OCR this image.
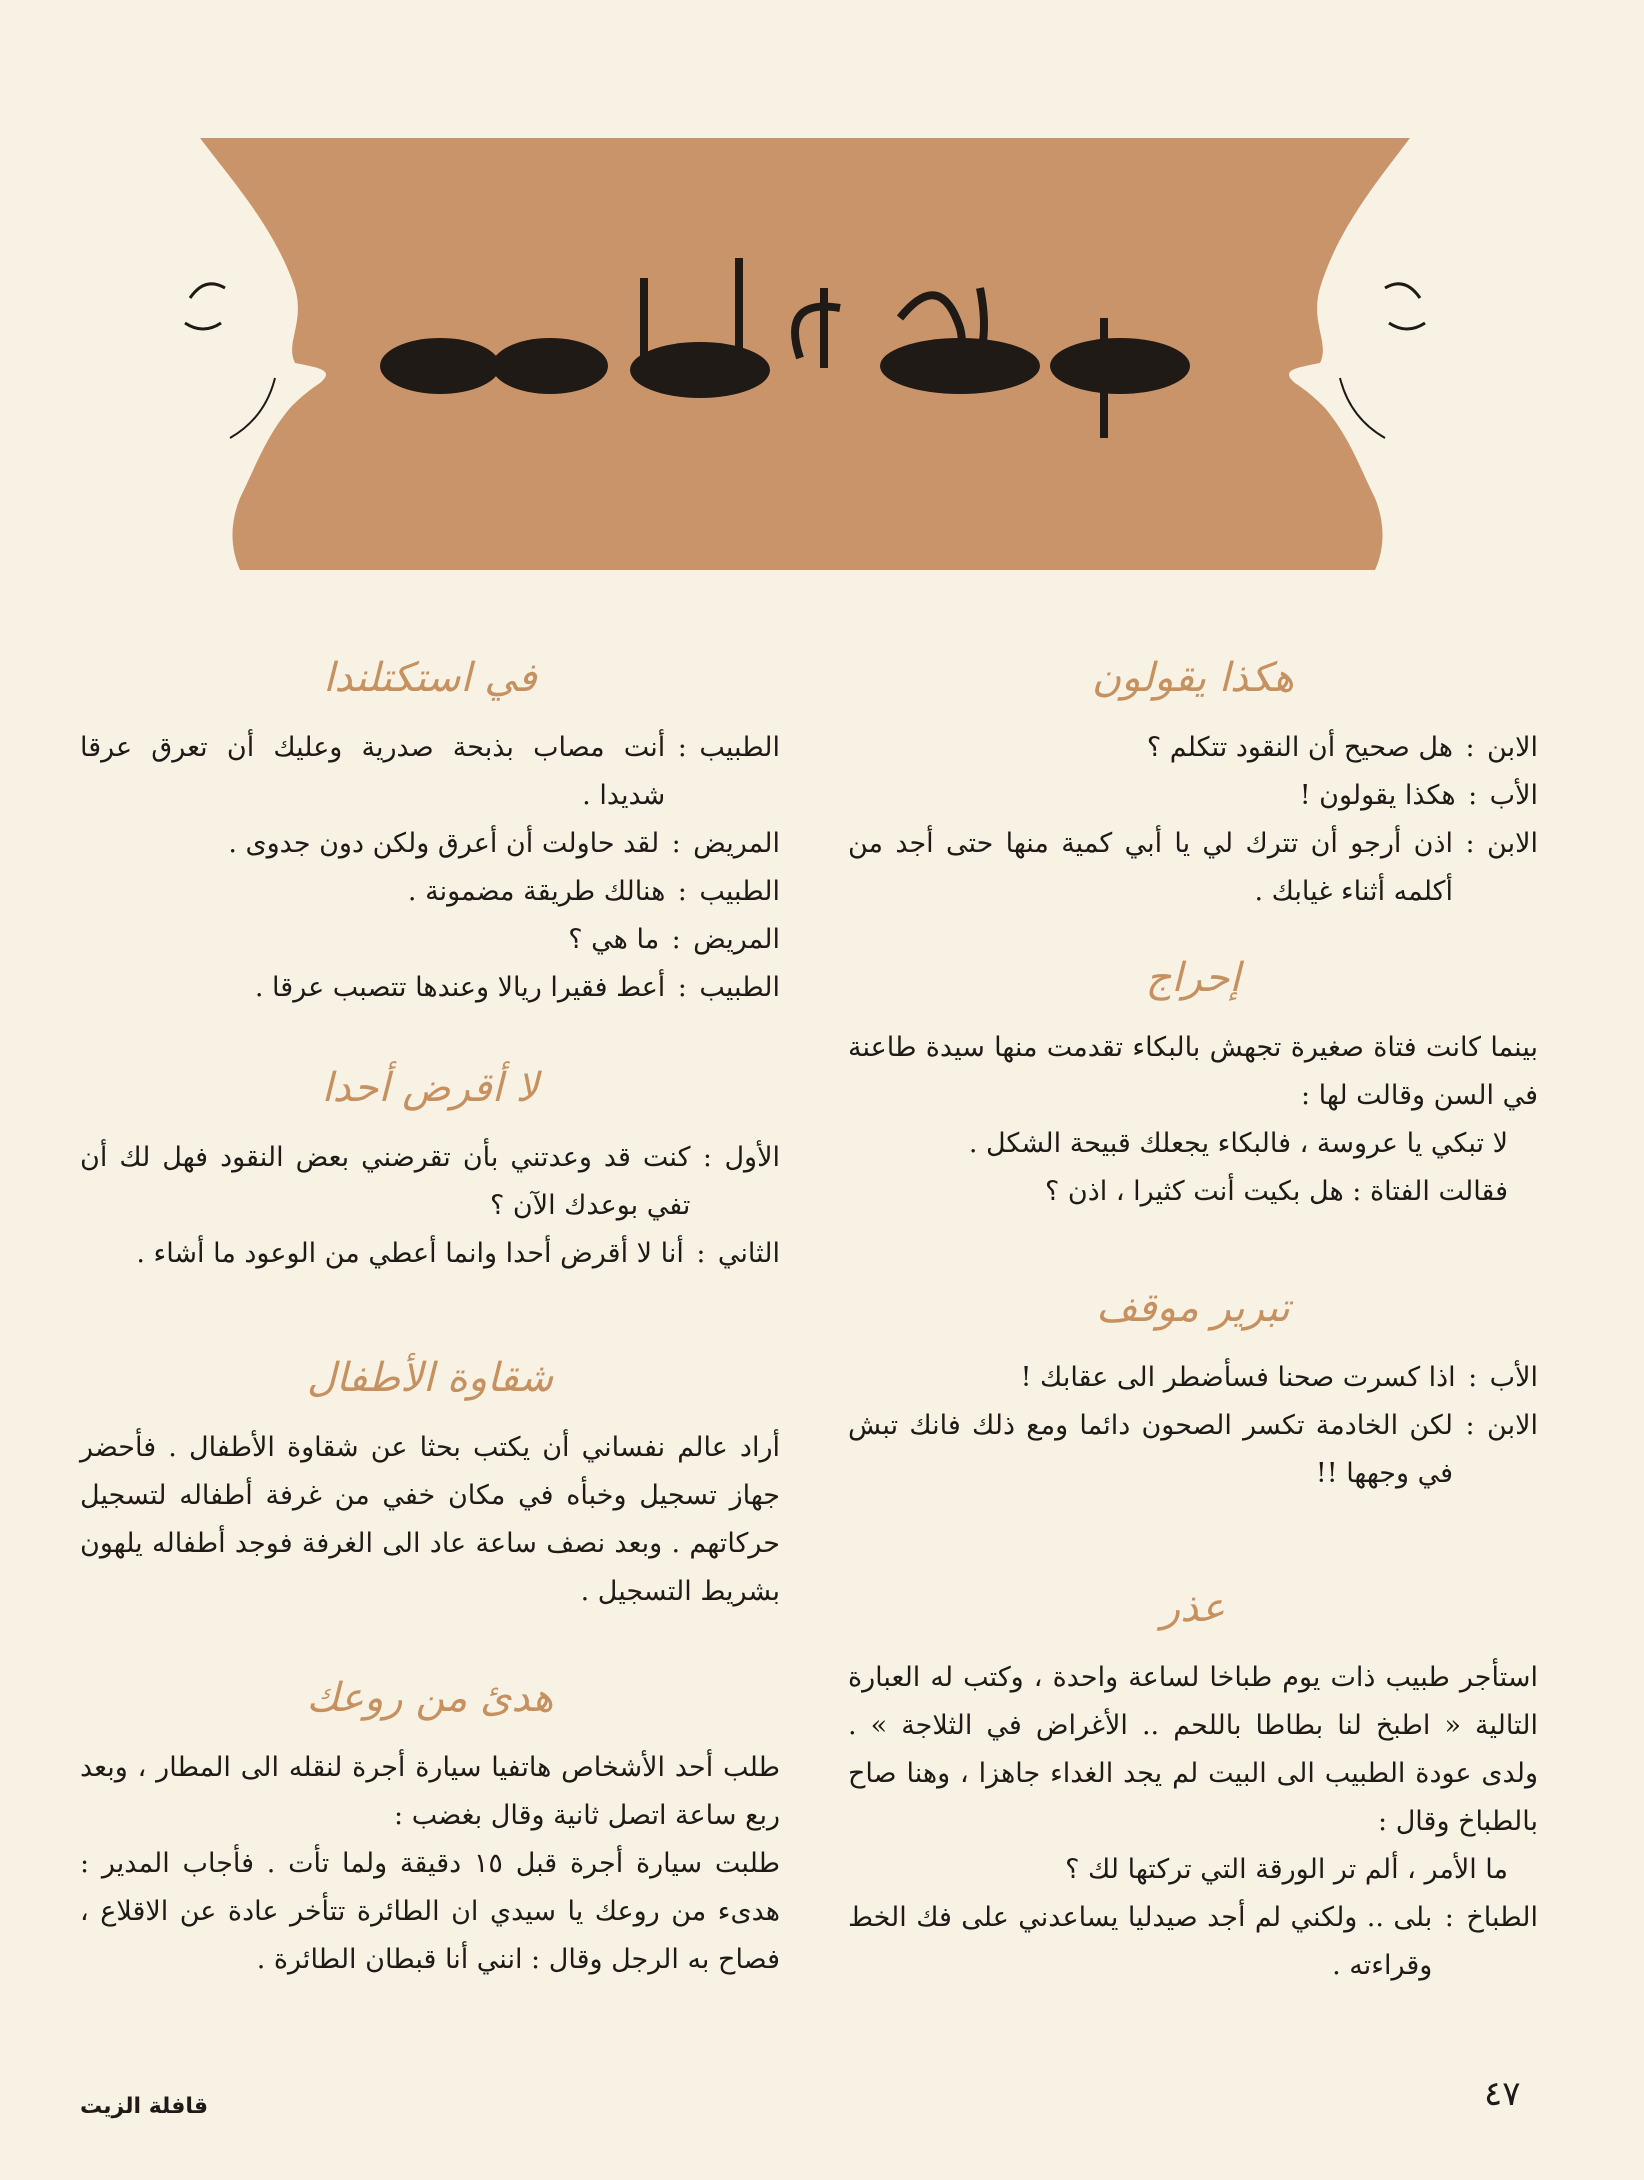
اضحك مع الجماعة
هكذا يقولون
الابن
:
هل صحيح أن النقود تتكلم ؟
الأب
:
هكذا يقولون !
الابن
:
اذن أرجو أن تترك لي يا أبي كمية منها حتى أجد من أكلمه أثناء غيابك .
إحراج

بينما كانت فتاة صغيرة تجهش بالبكاء تقدمت منها سيدة طاعنة في السن وقالت لها :

لا تبكي يا عروسة ، فالبكاء يجعلك قبيحة الشكل .

فقالت الفتاة : هل بكيت أنت كثيرا ، اذن ؟

تبرير موقف
الأب
:
اذا كسرت صحنا فسأضطر الى عقابك !
الابن
:
لكن الخادمة تكسر الصحون دائما ومع ذلك فانك تبش في وجهها !!
عذر

استأجر طبيب ذات يوم طباخا لساعة واحدة ، وكتب له العبارة التالية « اطبخ لنا بطاطا باللحم .. الأغراض في الثلاجة » . ولدى عودة الطبيب الى البيت لم يجد الغداء جاهزا ، وهنا صاح بالطباخ وقال :

ما الأمر ، ألم تر الورقة التي تركتها لك ؟

الطباخ
:
بلى .. ولكني لم أجد صيدليا يساعدني على فك الخط وقراءته .
في استكتلندا
الطبيب
:
أنت مصاب بذبحة صدرية وعليك أن تعرق عرقا شديدا .
المريض
:
لقد حاولت أن أعرق ولكن دون جدوى .
الطبيب
:
هنالك طريقة مضمونة .
المريض
:
ما هي ؟
الطبيب
:
أعط فقيرا ريالا وعندها تتصبب عرقا .
لا أقرض أحدا
الأول
:
كنت قد وعدتني بأن تقرضني بعض النقود فهل لك أن تفي بوعدك الآن ؟
الثاني
:
أنا لا أقرض أحدا وانما أعطي من الوعود ما أشاء .
شقاوة الأطفال

أراد عالم نفساني أن يكتب بحثا عن شقاوة الأطفال . فأحضر جهاز تسجيل وخبأه في مكان خفي من غرفة أطفاله لتسجيل حركاتهم . وبعد نصف ساعة عاد الى الغرفة فوجد أطفاله يلهون بشريط التسجيل .

هدئ من روعك

طلب أحد الأشخاص هاتفيا سيارة أجرة لنقله الى المطار ، وبعد ربع ساعة اتصل ثانية وقال بغضب :

طلبت سيارة أجرة قبل ١٥ دقيقة ولما تأت . فأجاب المدير : هدىء من روعك يا سيدي ان الطائرة تتأخر عادة عن الاقلاع ، فصاح به الرجل وقال : انني أنا قبطان الطائرة .

٤٧
قافلة الزيت
